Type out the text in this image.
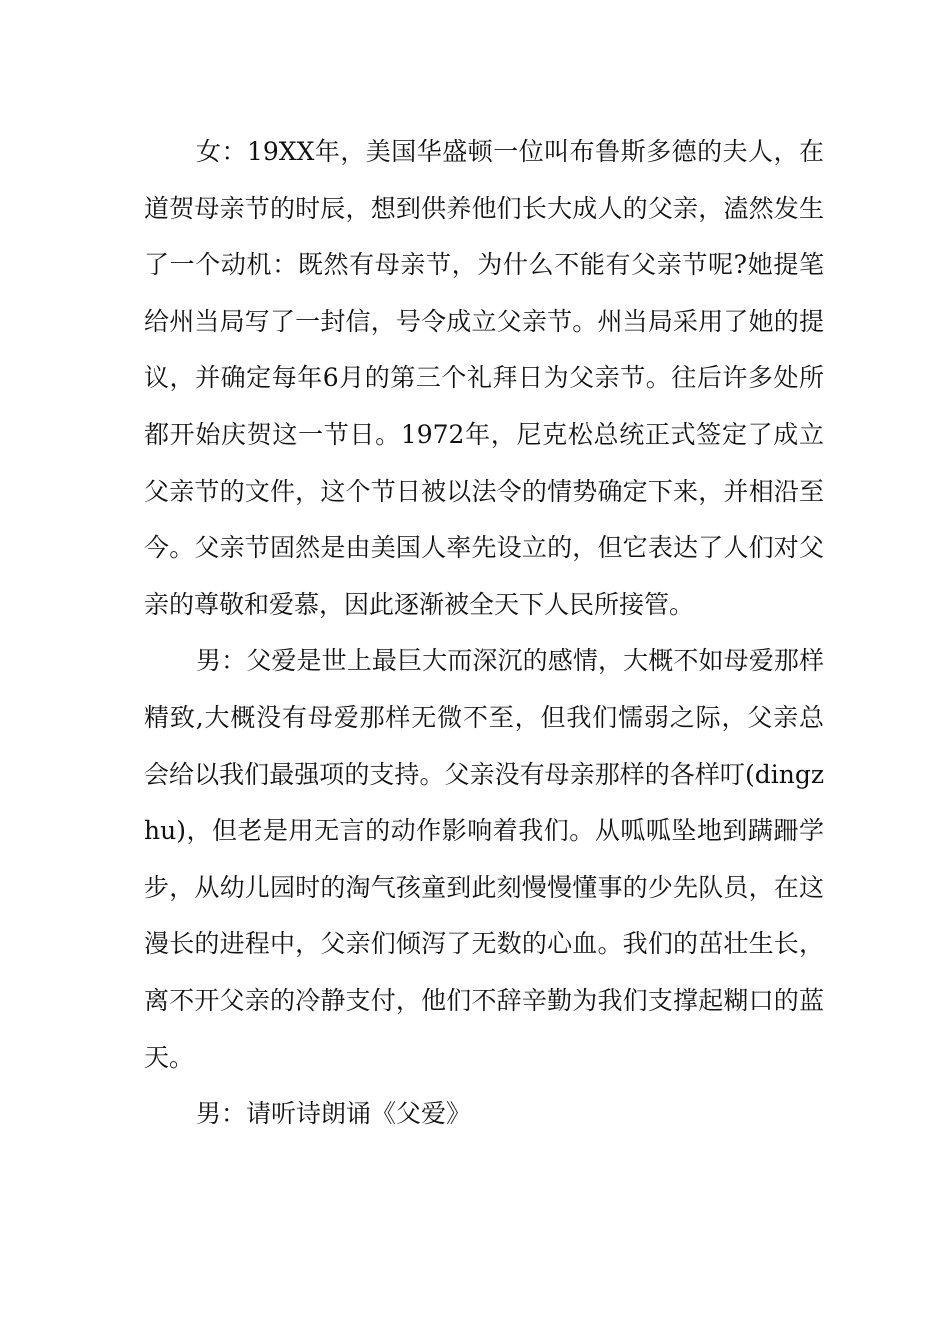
女：19XX年，美国华盛顿一位叫布鲁斯多德的夫人，在道贺母亲节的时辰，想到供养他们长大成人的父亲，溘然发生了一个动机：既然有母亲节，为什么不能有父亲节呢?她提笔给州当局写了一封信，号令成立父亲节。州当局采用了她的提议，并确定每年6月的第三个礼拜日为父亲节。往后许多处所都开始庆贺这一节日。1972年，尼克松总统正式签定了成立父亲节的文件，这个节日被以法令的情势确定下来，并相沿至今。父亲节固然是由美国人率先设立的，但它表达了人们对父亲的尊敬和爱慕，因此逐渐被全天下人民所接管。

男：父爱是世上最巨大而深沉的感情，大概不如母爱那样精致,大概没有母爱那样无微不至，但我们懦弱之际，父亲总会给以我们最强项的支持。父亲没有母亲那样的各样叮(dingzhu)，但老是用无言的动作影响着我们。从呱呱坠地到蹒跚学步，从幼儿园时的淘气孩童到此刻慢慢懂事的少先队员，在这漫长的进程中，父亲们倾泻了无数的心血。我们的茁壮生长，离不开父亲的冷静支付，他们不辞辛勤为我们支撑起糊口的蓝天。

男：请听诗朗诵《父爱》
